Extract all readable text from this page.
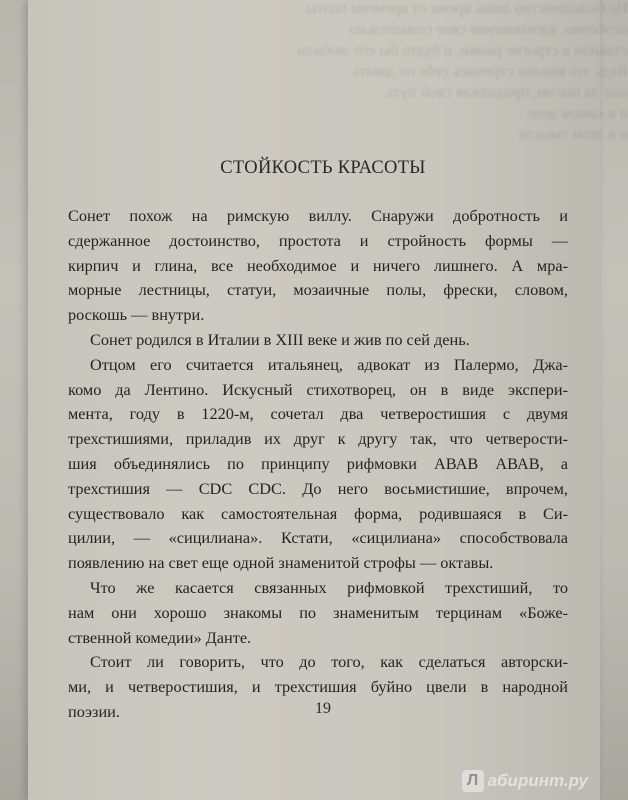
Не большинство лишь время от времени поэты

особенно, вдохновение свое сознательно

ставили в строгие рамки, и будто бы его любили

Ведь это вполне стремясь себе не давать

шаг за шагом, продолжая свой путь

и в самом деле

и в этом смысле

СТОЙКОСТЬ КРАСОТЫ

Сонет похож на римскую виллу. Снаружи добротность и

сдержанное достоинство, простота и стройность формы —

кирпич и глина, все необходимое и ничего лишнего. А мра-

морные лестницы, статуи, мозаичные полы, фрески, словом,

роскошь — внутри.

Сонет родился в Италии в XIII веке и жив по сей день.

Отцом его считается итальянец, адвокат из Палермо, Джа-

комо да Лентино. Искусный стихотворец, он в виде экспери-

мента, году в 1220-м, сочетал два четверостишия с двумя

трехстишиями, приладив их друг к другу так, что четверости-

шия объединялись по принципу рифмовки АВАВ АВАВ, а

трехстишия — CDC CDC. До него восьмистишие, впрочем,

существовало как самостоятельная форма, родившаяся в Си-

цилии, — «сицилиана». Кстати, «сицилиана» способствовала

появлению на свет еще одной знаменитой строфы — октавы.

Что же касается связанных рифмовкой трехстиший, то

нам они хорошо знакомы по знаменитым терцинам «Боже-

ственной комедии» Данте.

Стоит ли говорить, что до того, как сделаться авторски-

ми, и четверостишия, и трехстишия буйно цвели в народной

поэзии.	19
Л абиринт.ру
